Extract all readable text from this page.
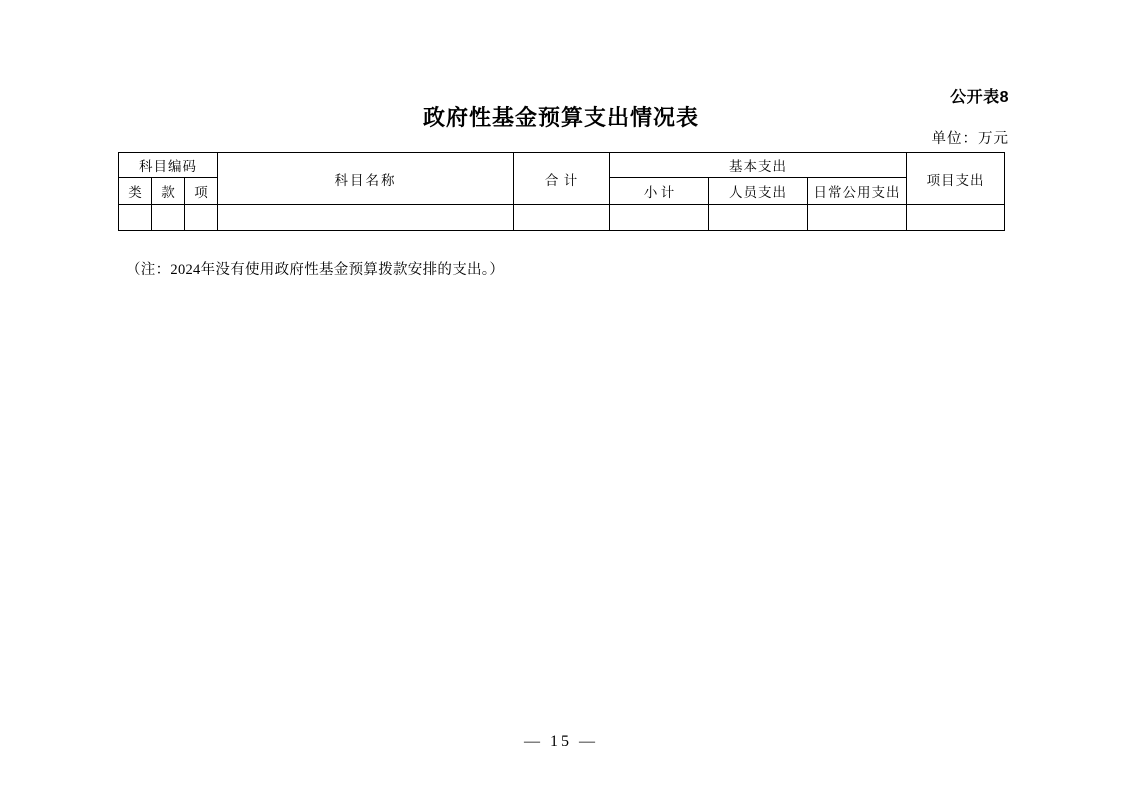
公开表8
政府性基金预算支出情况表
单位：万元
科目编码			科目名称	合 计	基本支出			项目支出
类	款	项			小 计	人员支出	日常公用支出	

（注：2024年没有使用政府性基金预算拨款安排的支出。）
— 15 —
